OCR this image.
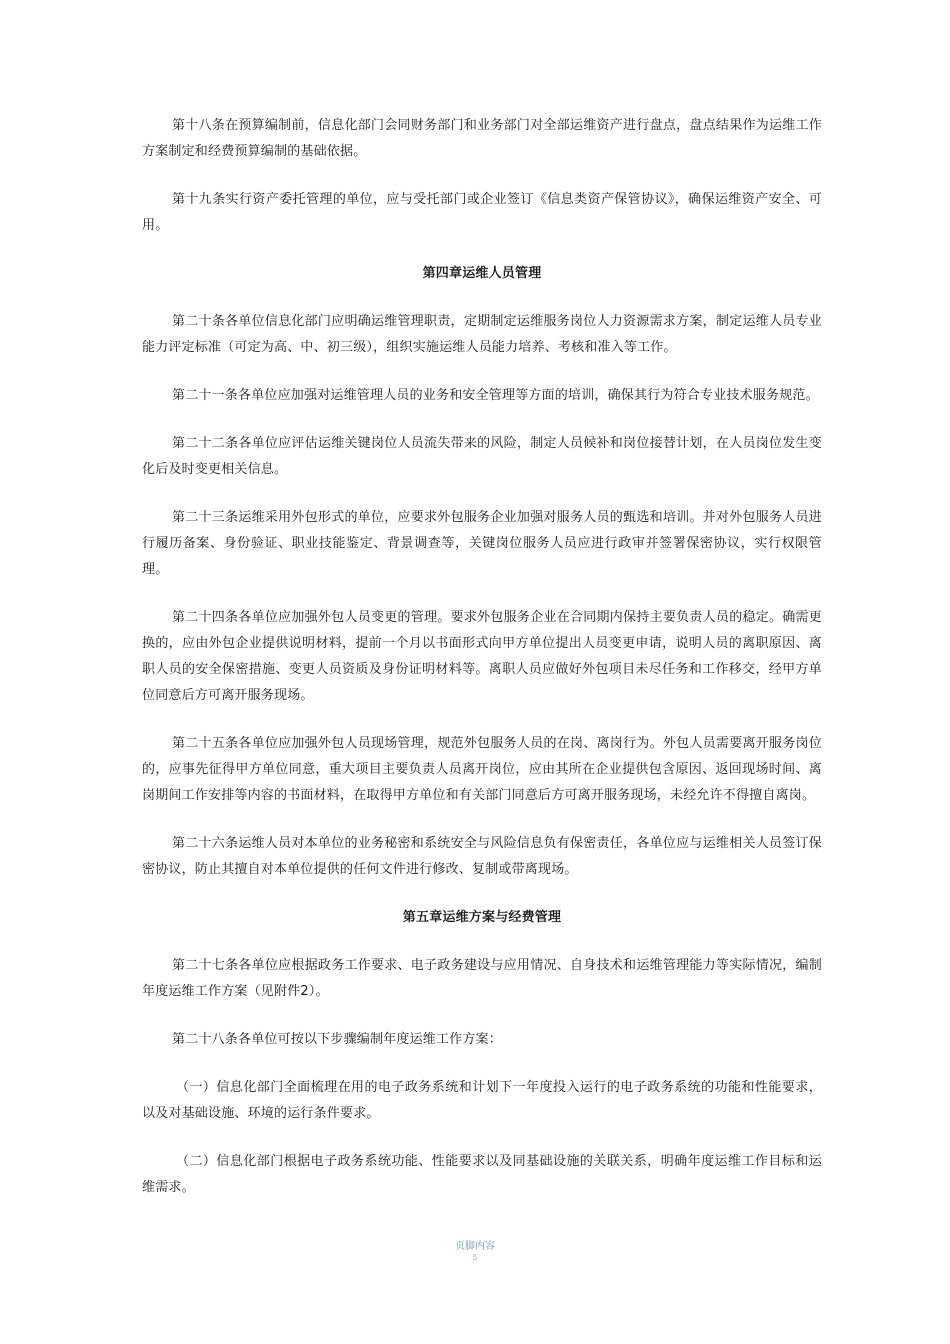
第十八条在预算编制前，信息化部门会同财务部门和业务部门对全部运维资产进行盘点，盘点结果作为运维工作方案制定和经费预算编制的基础依据。

第十九条实行资产委托管理的单位，应与受托部门或企业签订《信息类资产保管协议》，确保运维资产安全、可用。

第四章运维人员管理

第二十条各单位信息化部门应明确运维管理职责，定期制定运维服务岗位人力资源需求方案，制定运维人员专业能力评定标准（可定为高、中、初三级），组织实施运维人员能力培养、考核和准入等工作。

第二十一条各单位应加强对运维管理人员的业务和安全管理等方面的培训，确保其行为符合专业技术服务规范。

第二十二条各单位应评估运维关键岗位人员流失带来的风险，制定人员候补和岗位接替计划，在人员岗位发生变化后及时变更相关信息。

第二十三条运维采用外包形式的单位，应要求外包服务企业加强对服务人员的甄选和培训。并对外包服务人员进行履历备案、身份验证、职业技能鉴定、背景调查等，关键岗位服务人员应进行政审并签署保密协议，实行权限管理。

第二十四条各单位应加强外包人员变更的管理。要求外包服务企业在合同期内保持主要负责人员的稳定。确需更换的，应由外包企业提供说明材料，提前一个月以书面形式向甲方单位提出人员变更申请，说明人员的离职原因、离职人员的安全保密措施、变更人员资质及身份证明材料等。离职人员应做好外包项目未尽任务和工作移交，经甲方单位同意后方可离开服务现场。

第二十五条各单位应加强外包人员现场管理，规范外包服务人员的在岗、离岗行为。外包人员需要离开服务岗位的，应事先征得甲方单位同意，重大项目主要负责人员离开岗位，应由其所在企业提供包含原因、返回现场时间、离岗期间工作安排等内容的书面材料，在取得甲方单位和有关部门同意后方可离开服务现场，未经允许不得擅自离岗。

第二十六条运维人员对本单位的业务秘密和系统安全与风险信息负有保密责任，各单位应与运维相关人员签订保密协议，防止其擅自对本单位提供的任何文件进行修改、复制或带离现场。

第五章运维方案与经费管理

第二十七条各单位应根据政务工作要求、电子政务建设与应用情况、自身技术和运维管理能力等实际情况，编制年度运维工作方案（见附件2）。

第二十八条各单位可按以下步骤编制年度运维工作方案：

（一）信息化部门全面梳理在用的电子政务系统和计划下一年度投入运行的电子政务系统的功能和性能要求，以及对基础设施、环境的运行条件要求。

（二）信息化部门根据电子政务系统功能、性能要求以及同基础设施的关联关系，明确年度运维工作目标和运维需求。

页脚内容
5
